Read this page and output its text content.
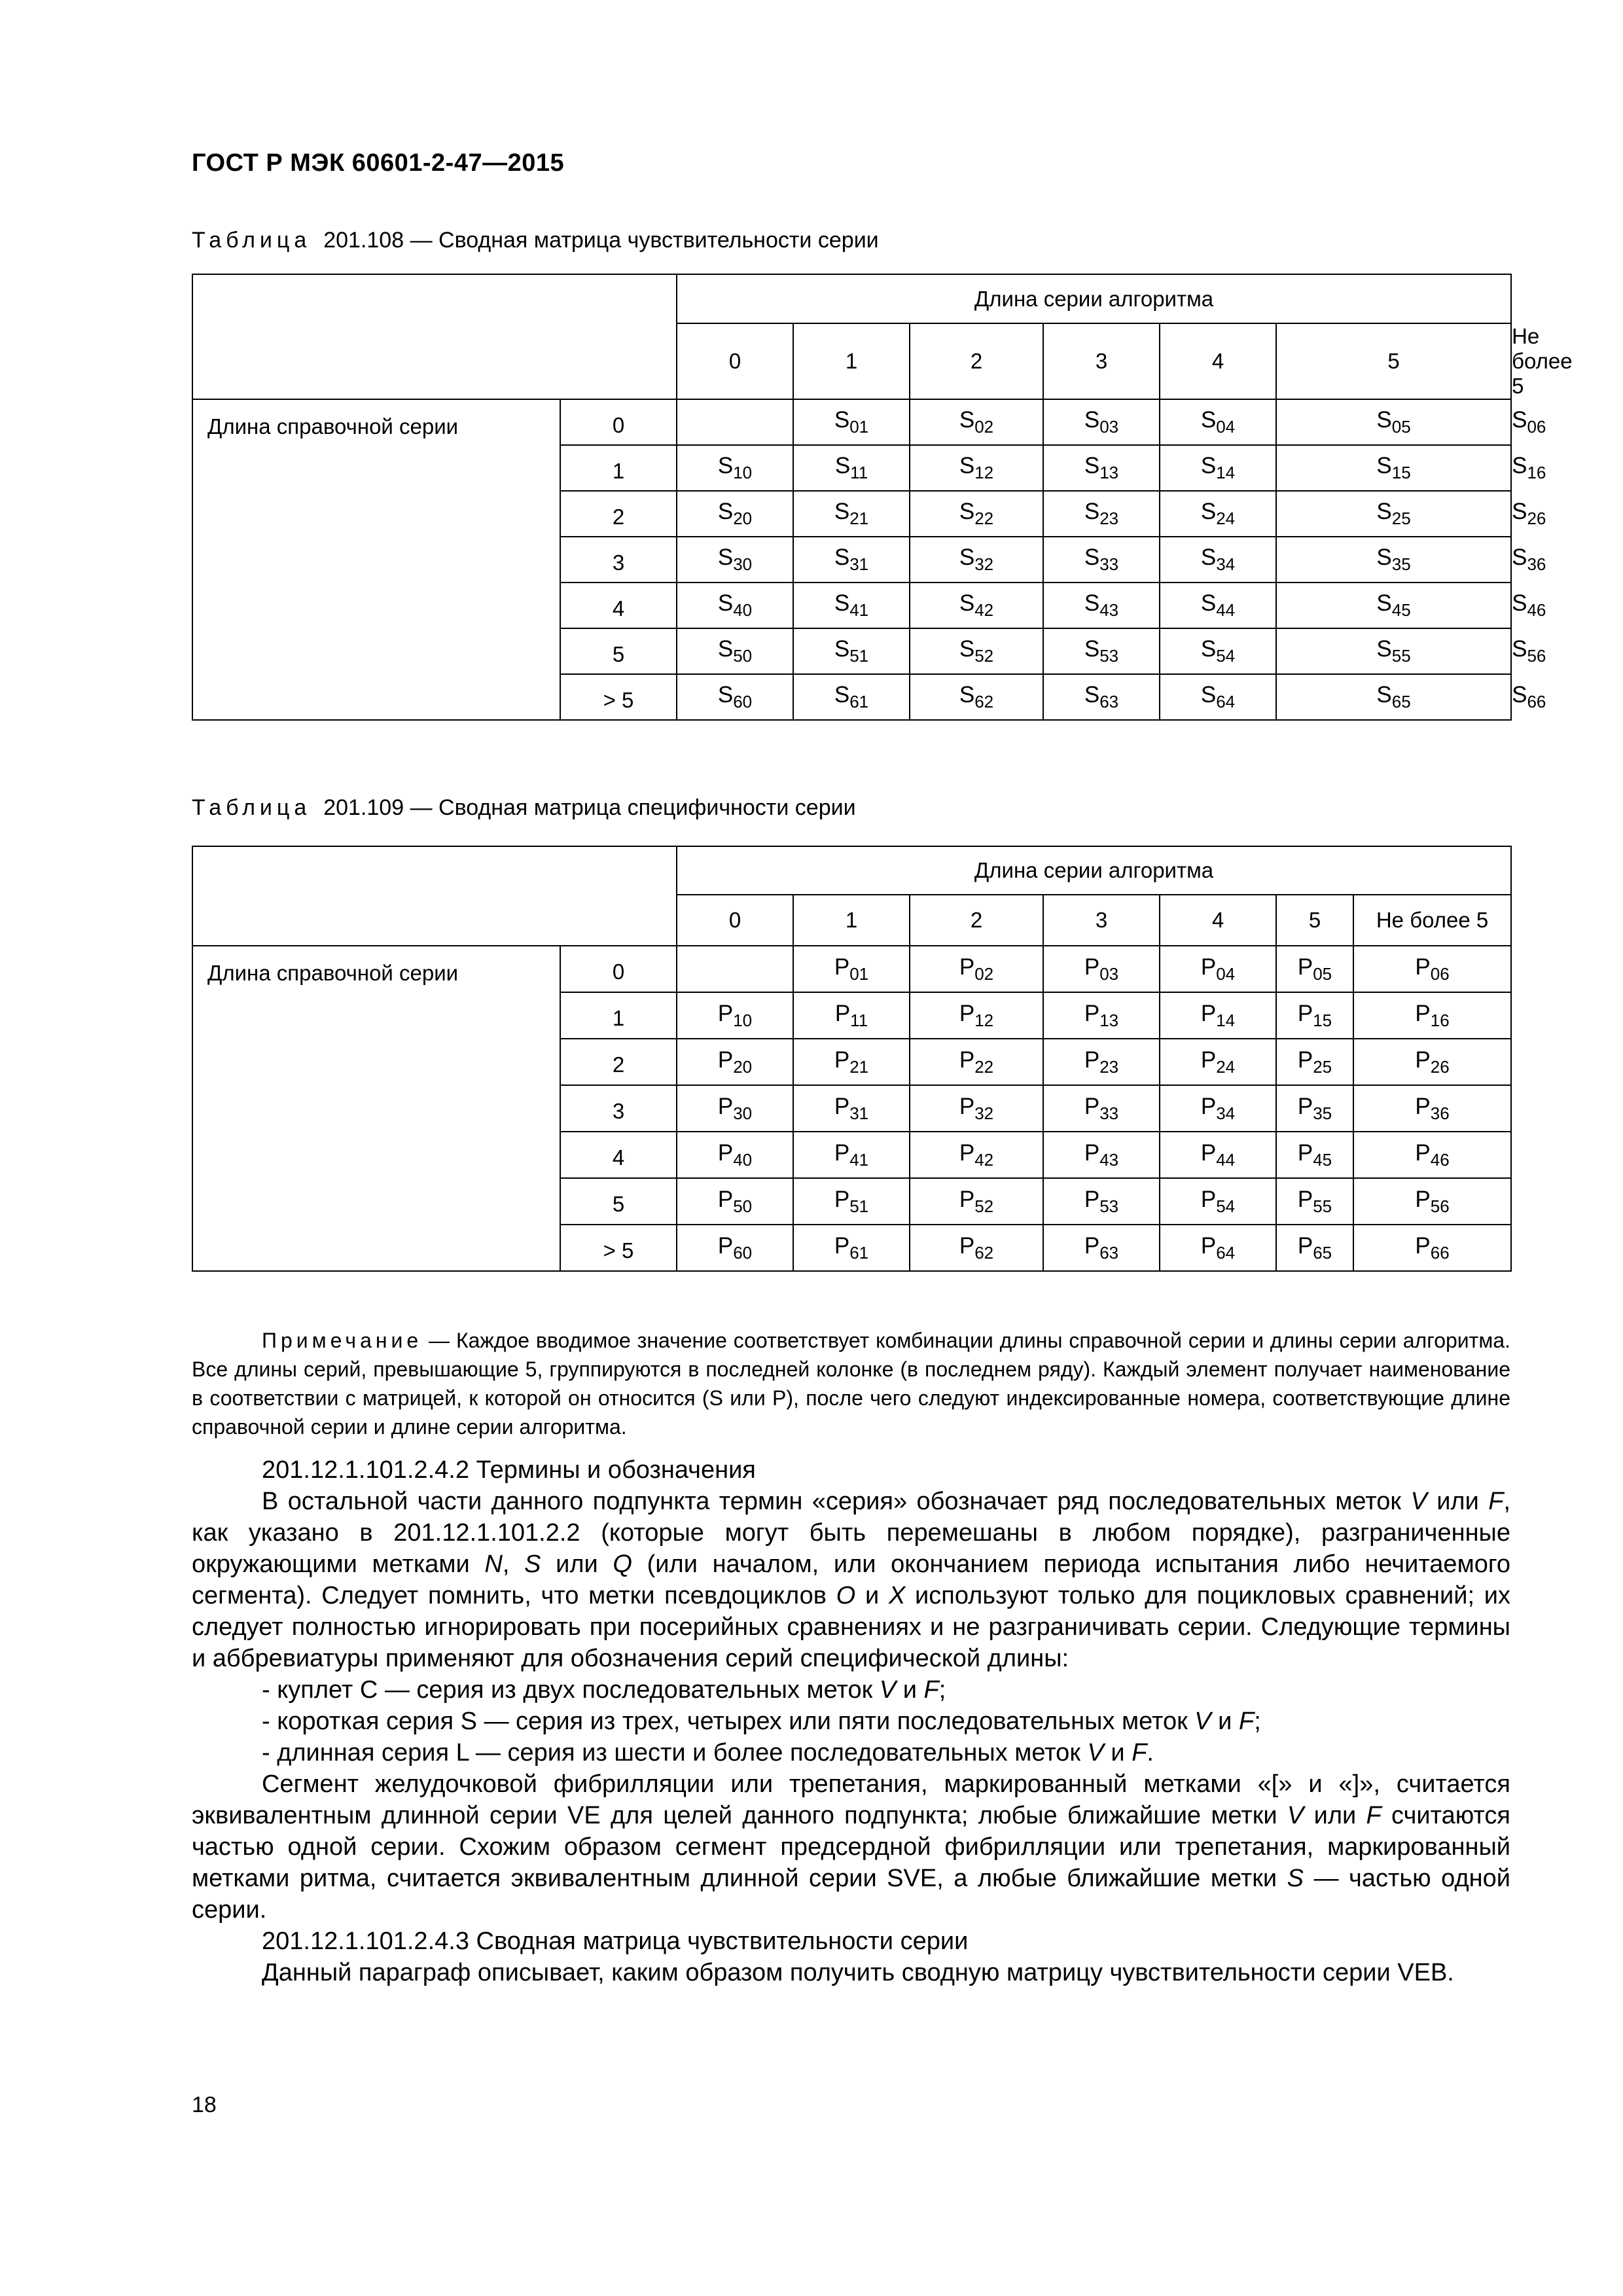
ГОСТ Р МЭК 60601-2-47—2015
Таблица 201.108 — Сводная матрица чувствительности серии
		Длина серии алгоритма						
		0	1	2	3	4	5	Не более 5
Длина справочной серии	0		$S_{01}$	$S_{02}$	$S_{03}$	$S_{04}$	$S_{05}$	$S_{06}$
	1	$S_{10}$	$S_{11}$	$S_{12}$	$S_{13}$	$S_{14}$	$S_{15}$	$S_{16}$
	2	$S_{20}$	$S_{21}$	$S_{22}$	$S_{23}$	$S_{24}$	$S_{25}$	$S_{26}$
	3	$S_{30}$	$S_{31}$	$S_{32}$	$S_{33}$	$S_{34}$	$S_{35}$	$S_{36}$
	4	$S_{40}$	$S_{41}$	$S_{42}$	$S_{43}$	$S_{44}$	$S_{45}$	$S_{46}$
	5	$S_{50}$	$S_{51}$	$S_{52}$	$S_{53}$	$S_{54}$	$S_{55}$	$S_{56}$
	> 5	$S_{60}$	$S_{61}$	$S_{62}$	$S_{63}$	$S_{64}$	$S_{65}$	$S_{66}$
Таблица 201.109 — Сводная матрица специфичности серии
		Длина серии алгоритма						
		0	1	2	3	4	5	Не более 5
Длина справочной серии	0		$P_{01}$	$P_{02}$	$P_{03}$	$P_{04}$	$P_{05}$	$P_{06}$
	1	$P_{10}$	$P_{11}$	$P_{12}$	$P_{13}$	$P_{14}$	$P_{15}$	$P_{16}$
	2	$P_{20}$	$P_{21}$	$P_{22}$	$P_{23}$	$P_{24}$	$P_{25}$	$P_{26}$
	3	$P_{30}$	$P_{31}$	$P_{32}$	$P_{33}$	$P_{34}$	$P_{35}$	$P_{36}$
	4	$P_{40}$	$P_{41}$	$P_{42}$	$P_{43}$	$P_{44}$	$P_{45}$	$P_{46}$
	5	$P_{50}$	$P_{51}$	$P_{52}$	$P_{53}$	$P_{54}$	$P_{55}$	$P_{56}$
	> 5	$P_{60}$	$P_{61}$	$P_{62}$	$P_{63}$	$P_{64}$	$P_{65}$	$P_{66}$
Примечание — Каждое вводимое значение соответствует комбинации длины справочной серии и длины серии алгоритма. Все длины серий, превышающие 5, группируются в последней колонке (в последнем ряду). Каждый элемент получает наименование в соответствии с матрицей, к которой он относится (S или P), после чего следуют индексированные номера, соответствующие длине справочной серии и длине серии алгоритма.

201.12.1.101.2.4.2 Термины и обозначения

В остальной части данного подпункта термин «серия» обозначает ряд последовательных меток V или F, как указано в 201.12.1.101.2.2 (которые могут быть перемешаны в любом порядке), разграниченные окружающими метками N, S или Q (или началом, или окончанием периода испытания либо нечитаемого сегмента). Следует помнить, что метки псевдоциклов O и X используют только для поцикловых сравнений; их следует полностью игнорировать при посерийных сравнениях и не разграничивать серии. Следующие термины и аббревиатуры применяют для обозначения серий специфической длины:

- куплет C — серия из двух последовательных меток V и F;

- короткая серия S — серия из трех, четырех или пяти последовательных меток V и F;

- длинная серия L — серия из шести и более последовательных меток V и F.

Сегмент желудочковой фибрилляции или трепетания, маркированный метками «[» и «]», считается эквивалентным длинной серии VE для целей данного подпункта; любые ближайшие метки V или F считаются частью одной серии. Схожим образом сегмент предсердной фибрилляции или трепетания, маркированный метками ритма, считается эквивалентным длинной серии SVE, а любые ближайшие метки S — частью одной серии.

201.12.1.101.2.4.3 Сводная матрица чувствительности серии

Данный параграф описывает, каким образом получить сводную матрицу чувствительности серии VEB.

18
